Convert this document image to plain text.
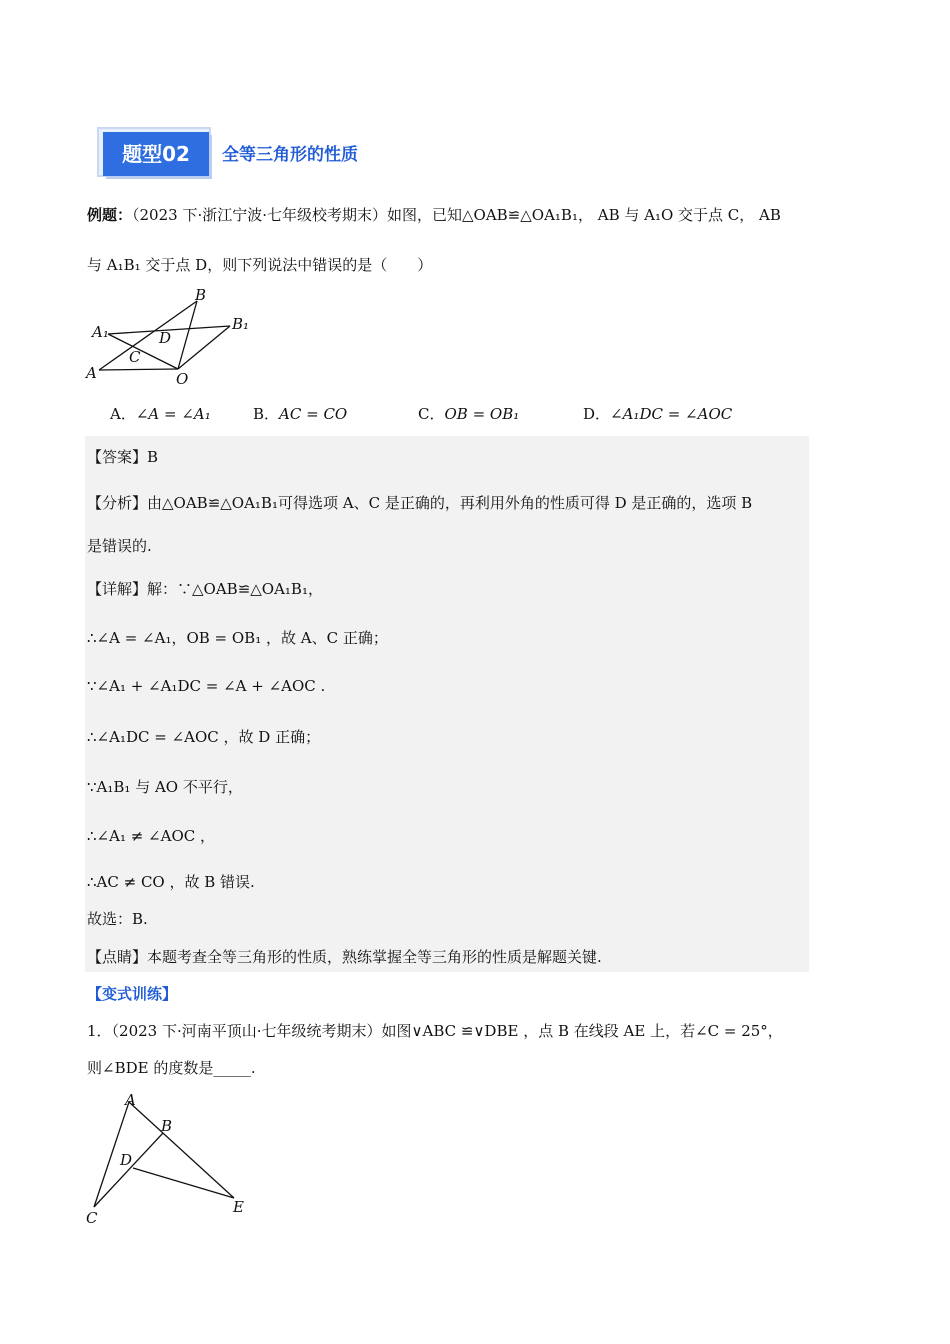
题型02	全等三角形的性质
例题：（2023 下·浙江宁波·七年级校考期末）如图，已知△OAB≌△OA₁B₁， AB 与 A₁O 交于点 C， AB
与 A₁B₁ 交于点 D，则下列说法中错误的是（　　）
B
B₁
A₁	D
C
A	O
A．∠A = ∠A₁	B．AC = CO	C．OB = OB₁	D．∠A₁DC = ∠AOC
【答案】B
【分析】由△OAB≌△OA₁B₁可得选项 A、C 是正确的，再利用外角的性质可得 D 是正确的，选项 B
是错误的.
【详解】解：∵△OAB≌△OA₁B₁，
∴∠A = ∠A₁，OB = OB₁ ，故 A、C 正确；
∵∠A₁ + ∠A₁DC = ∠A + ∠AOC .
∴∠A₁DC = ∠AOC ，故 D 正确；
∵A₁B₁ 与 AO 不平行，
∴∠A₁ ≠ ∠AOC ，
∴AC ≠ CO ，故 B 错误.
故选：B.
【点睛】本题考查全等三角形的性质，熟练掌握全等三角形的性质是解题关键.
【变式训练】
1．（2023 下·河南平顶山·七年级统考期末）如图∨ABC ≌∨DBE ，点 B 在线段 AE 上，若∠C = 25°，
则∠BDE 的度数是_____.
A
B
D
C
E
